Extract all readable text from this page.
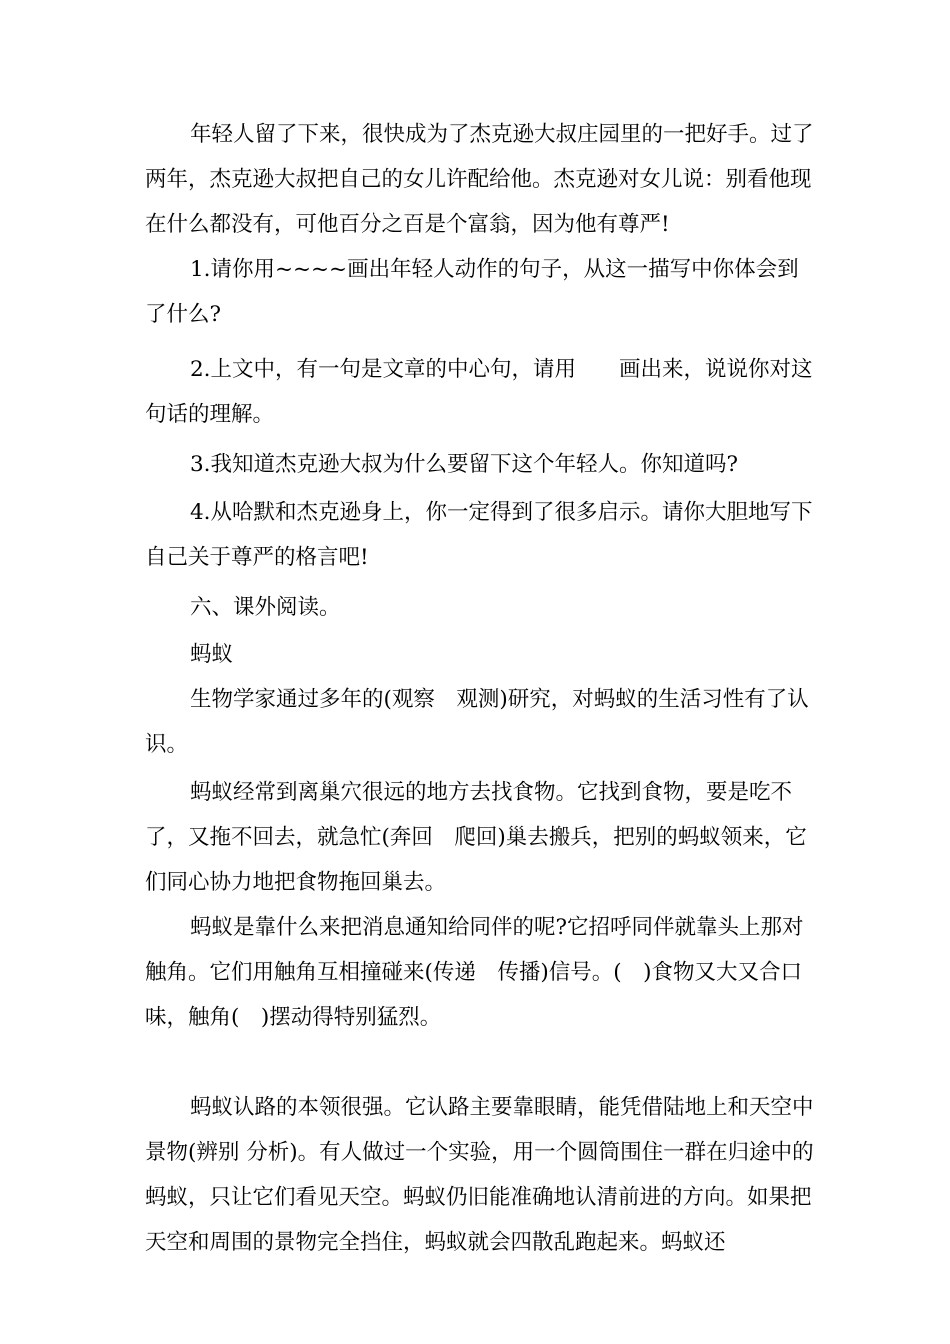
年轻人留了下来，很快成为了杰克逊大叔庄园里的一把好手。过了两年，杰克逊大叔把自己的女儿许配给他。杰克逊对女儿说：别看他现在什么都没有，可他百分之百是个富翁，因为他有尊严!

1.请你用~~~~画出年轻人动作的句子，从这一描写中你体会到了什么?

2.上文中，有一句是文章的中心句，请用　　画出来，说说你对这句话的理解。

3.我知道杰克逊大叔为什么要留下这个年轻人。你知道吗?

4.从哈默和杰克逊身上，你一定得到了很多启示。请你大胆地写下自己关于尊严的格言吧!

六、课外阅读。

蚂蚁

生物学家通过多年的(观察　观测)研究，对蚂蚁的生活习性有了认识。

蚂蚁经常到离巢穴很远的地方去找食物。它找到食物，要是吃不了，又拖不回去，就急忙(奔回　爬回)巢去搬兵，把别的蚂蚁领来，它们同心协力地把食物拖回巢去。

蚂蚁是靠什么来把消息通知给同伴的呢?它招呼同伴就靠头上那对触角。它们用触角互相撞碰来(传递　传播)信号。(　)食物又大又合口味，触角(　)摆动得特别猛烈。

蚂蚁认路的本领很强。它认路主要靠眼睛，能凭借陆地上和天空中景物(辨别 分析)。有人做过一个实验，用一个圆筒围住一群在归途中的蚂蚁，只让它们看见天空。蚂蚁仍旧能准确地认清前进的方向。如果把天空和周围的景物完全挡住，蚂蚁就会四散乱跑起来。蚂蚁还
